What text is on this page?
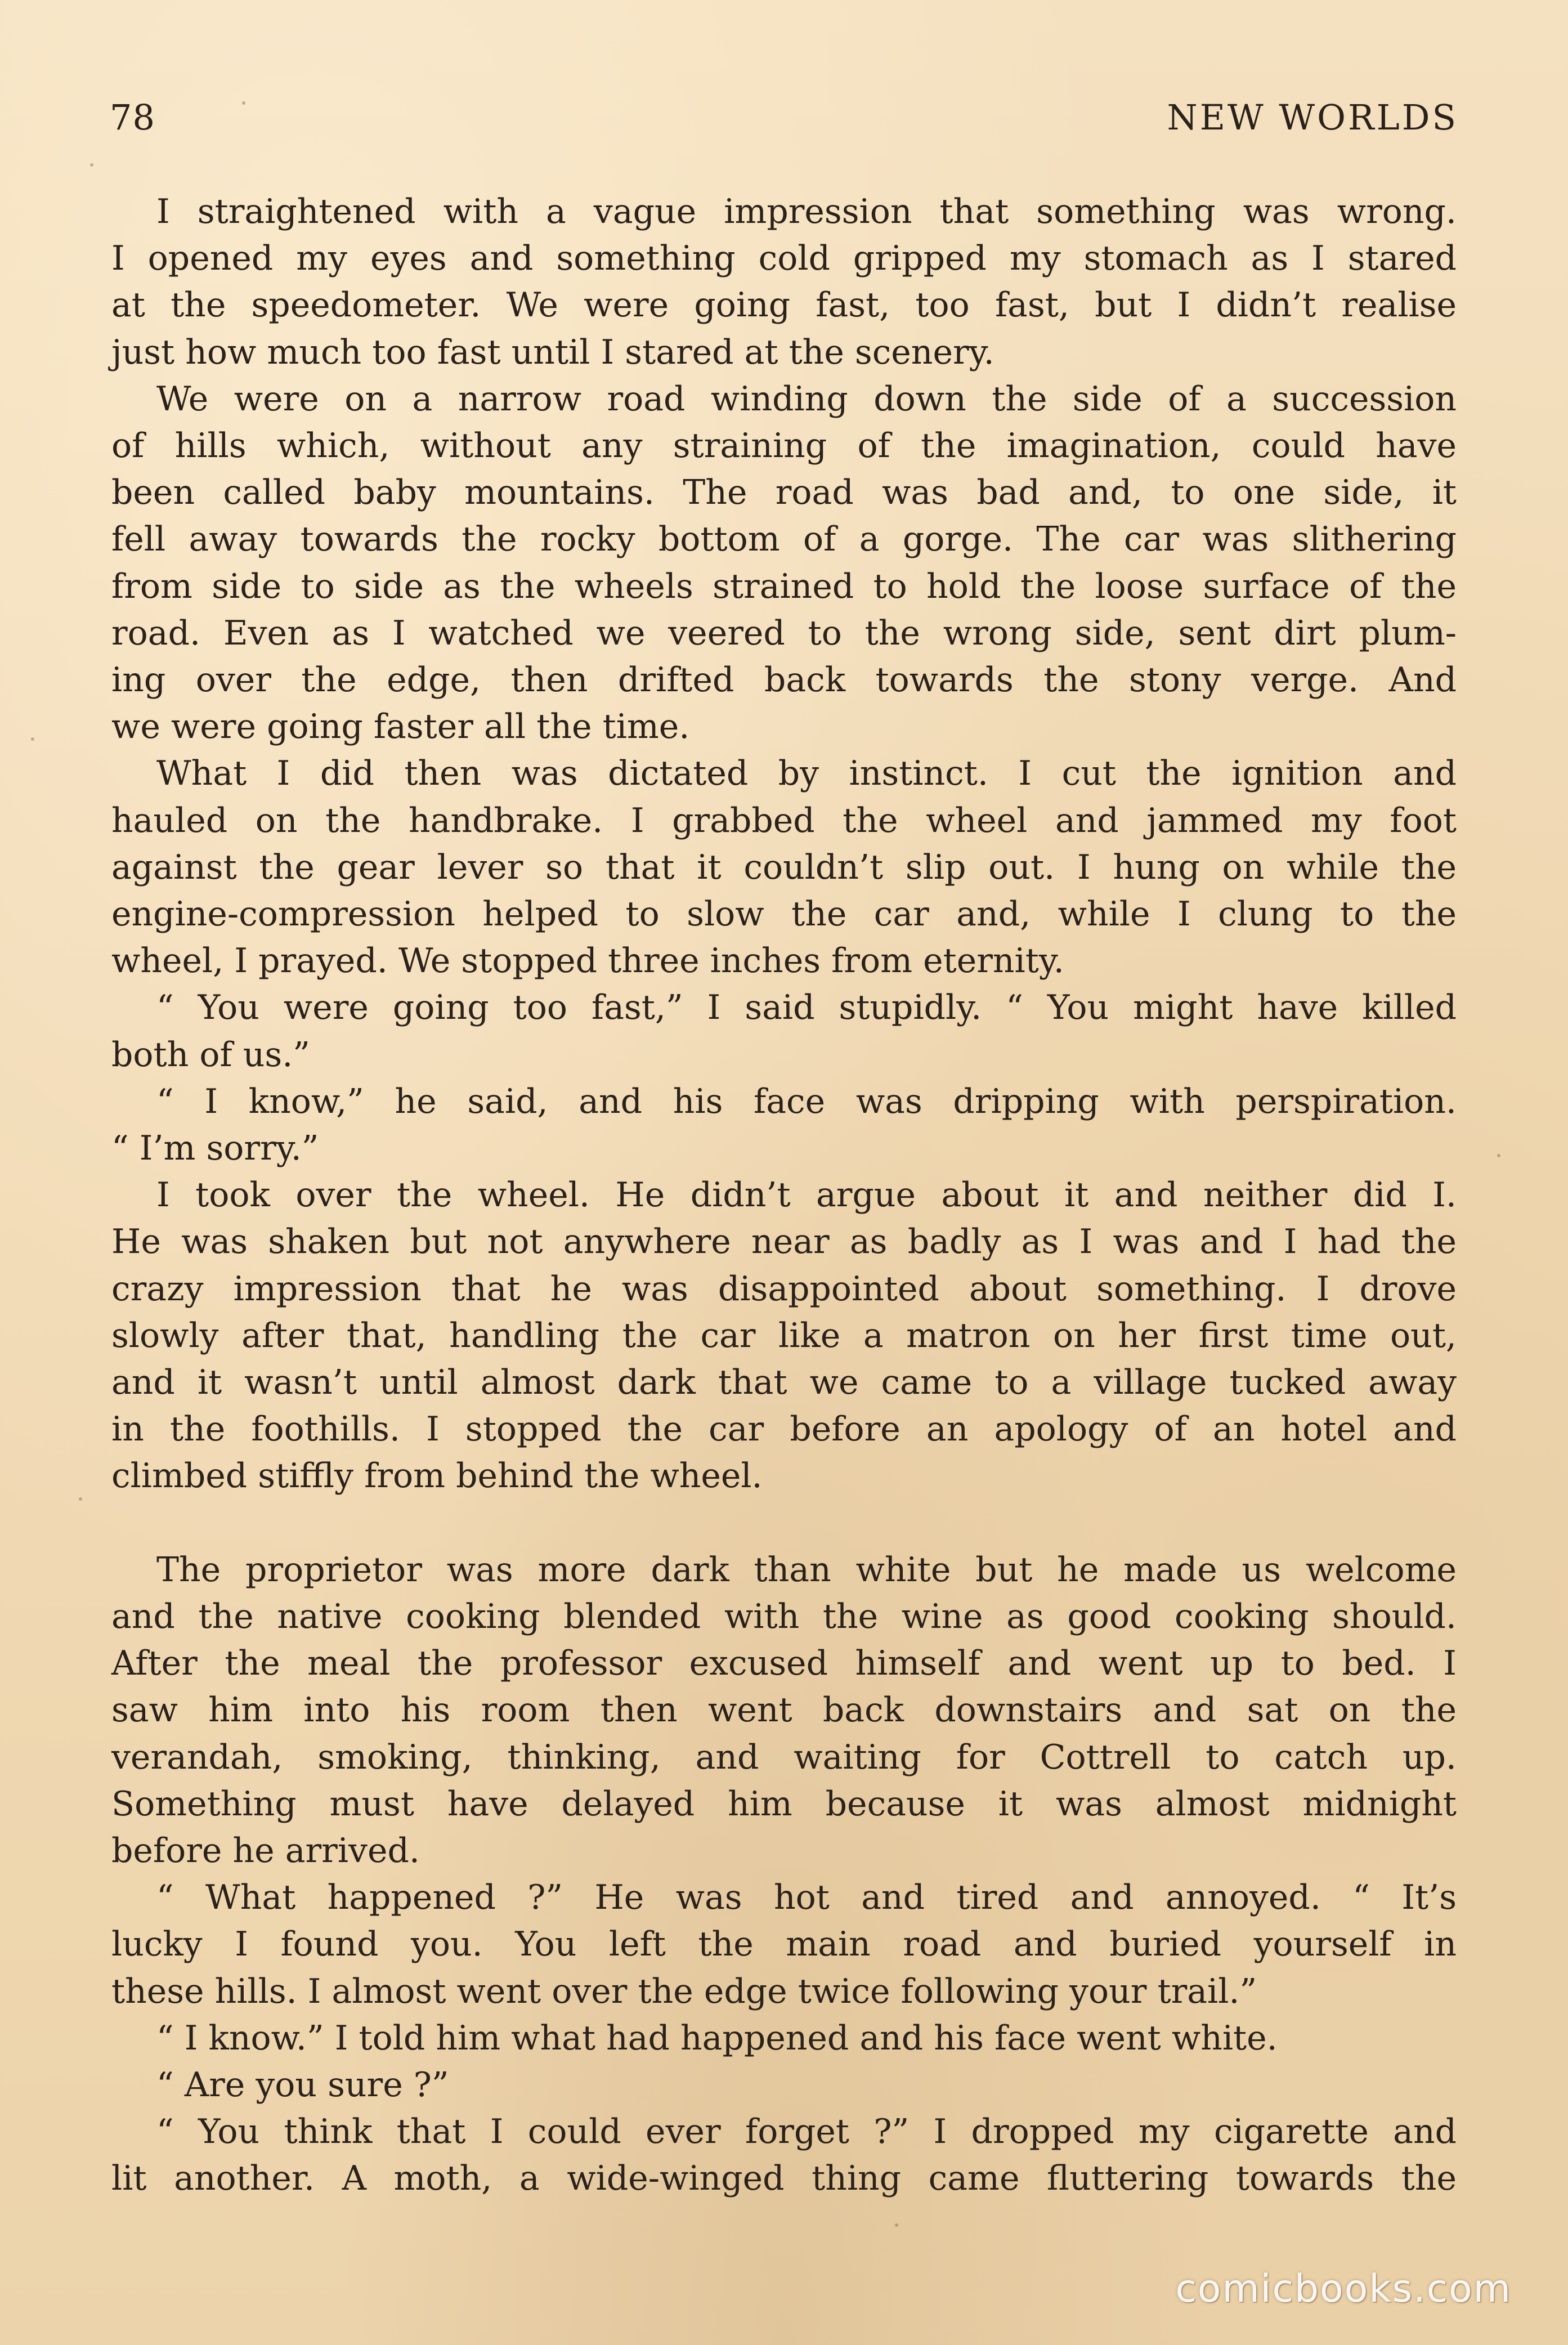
78	NEW WORLDS
I straightened with a vague impression that something was wrong.
I opened my eyes and something cold gripped my stomach as I stared
at the speedometer. We were going fast, too fast, but I didn’t realise
just how much too fast until I stared at the scenery.
We were on a narrow road winding down the side of a succession
of hills which, without any straining of the imagination, could have
been called baby mountains. The road was bad and, to one side, it
fell away towards the rocky bottom of a gorge. The car was slithering
from side to side as the wheels strained to hold the loose surface of the
road. Even as I watched we veered to the wrong side, sent dirt plum-
ing over the edge, then drifted back towards the stony verge. And
we were going faster all the time.
What I did then was dictated by instinct. I cut the ignition and
hauled on the handbrake. I grabbed the wheel and jammed my foot
against the gear lever so that it couldn’t slip out. I hung on while the
engine-compression helped to slow the car and, while I clung to the
wheel, I prayed. We stopped three inches from eternity.
“ You were going too fast,” I said stupidly. “ You might have killed
both of us.”
“ I know,” he said, and his face was dripping with perspiration.
“ I’m sorry.”
I took over the wheel. He didn’t argue about it and neither did I.
He was shaken but not anywhere near as badly as I was and I had the
crazy impression that he was disappointed about something. I drove
slowly after that, handling the car like a matron on her first time out,
and it wasn’t until almost dark that we came to a village tucked away
in the foothills. I stopped the car before an apology of an hotel and
climbed stiffly from behind the wheel.
The proprietor was more dark than white but he made us welcome
and the native cooking blended with the wine as good cooking should.
After the meal the professor excused himself and went up to bed. I
saw him into his room then went back downstairs and sat on the
verandah, smoking, thinking, and waiting for Cottrell to catch up.
Something must have delayed him because it was almost midnight
before he arrived.
“ What happened ?” He was hot and tired and annoyed. “ It’s
lucky I found you. You left the main road and buried yourself in
these hills. I almost went over the edge twice following your trail.”
“ I know.” I told him what had happened and his face went white.
“ Are you sure ?”
“ You think that I could ever forget ?” I dropped my cigarette and
lit another. A moth, a wide-winged thing came fluttering towards the
comicbooks.com
